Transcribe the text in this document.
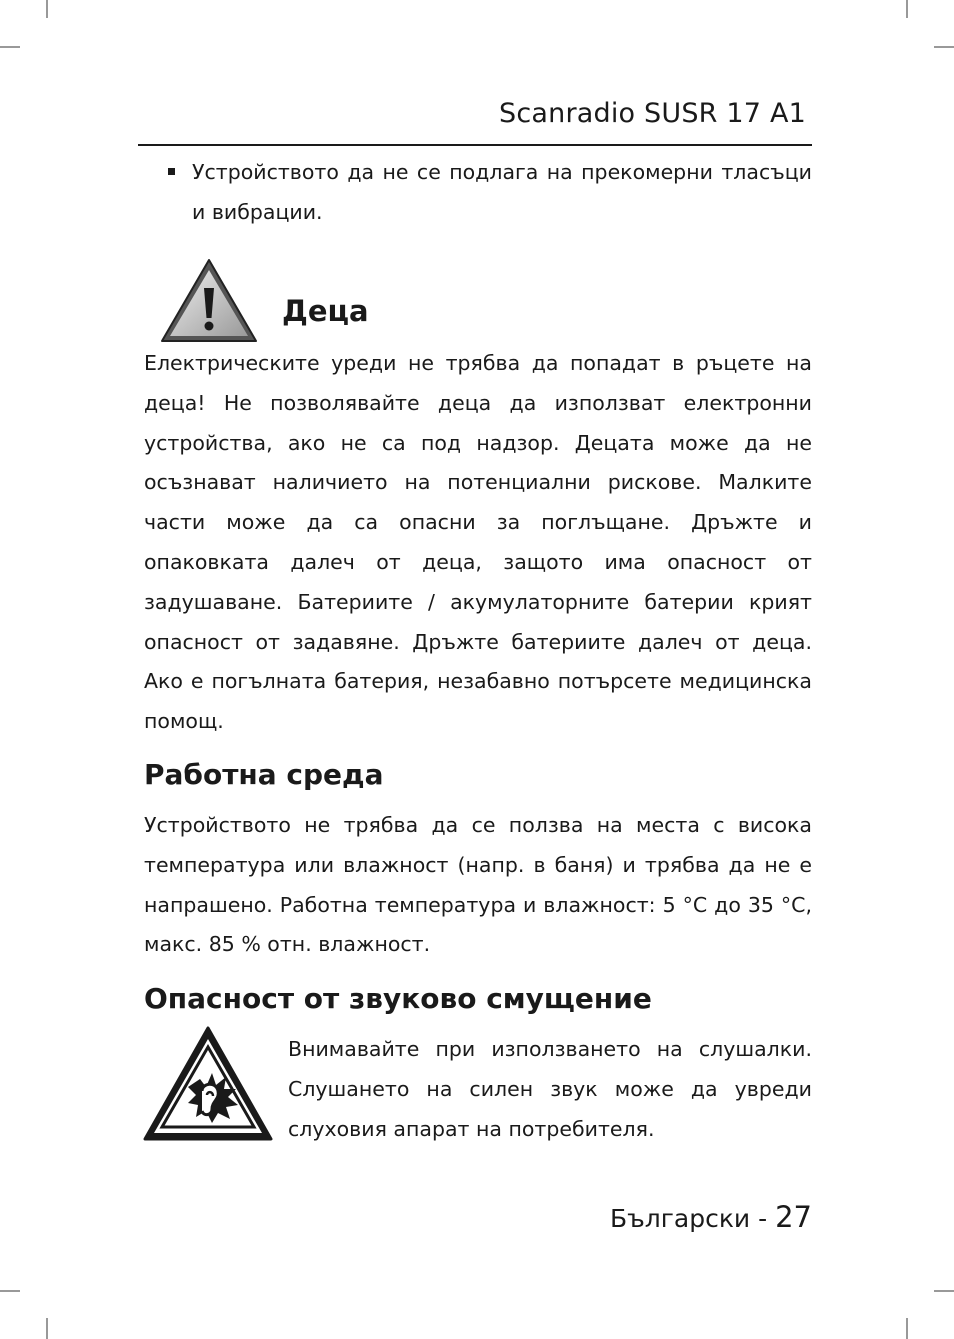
Scanradio SUSR 17 A1
Устройството да не се подлага на прекомерни тласъци и вибрации.
Деца
Електрическите уреди не трябва да попадат в ръцете на деца! Не позволявайте деца да използват електронни устройства, ако не са под надзор. Децата може да не осъзнават наличието на потенциални рискове. Малките части може да са опасни за поглъщане. Дръжте и опаковката далеч от деца, защото има опасност от задушаване. Батериите / акумулаторните батерии крият опасност от задавяне. Дръжте батериите далеч от деца. Ако е погълната батерия, незабавно потърсете медицинска помощ.
Работна среда
Устройството не трябва да се ползва на места с висока температура или влажност (напр. в баня) и трябва да не е напрашено. Работна температура и влажност: 5 °С до 35 °С, макс. 85 % отн. влажност.
Опасност от звуково смущение
Внимавайте при използването на слушалки. Слушането на силен звук може да увреди слуховия апарат на потребителя.
Български - 27
